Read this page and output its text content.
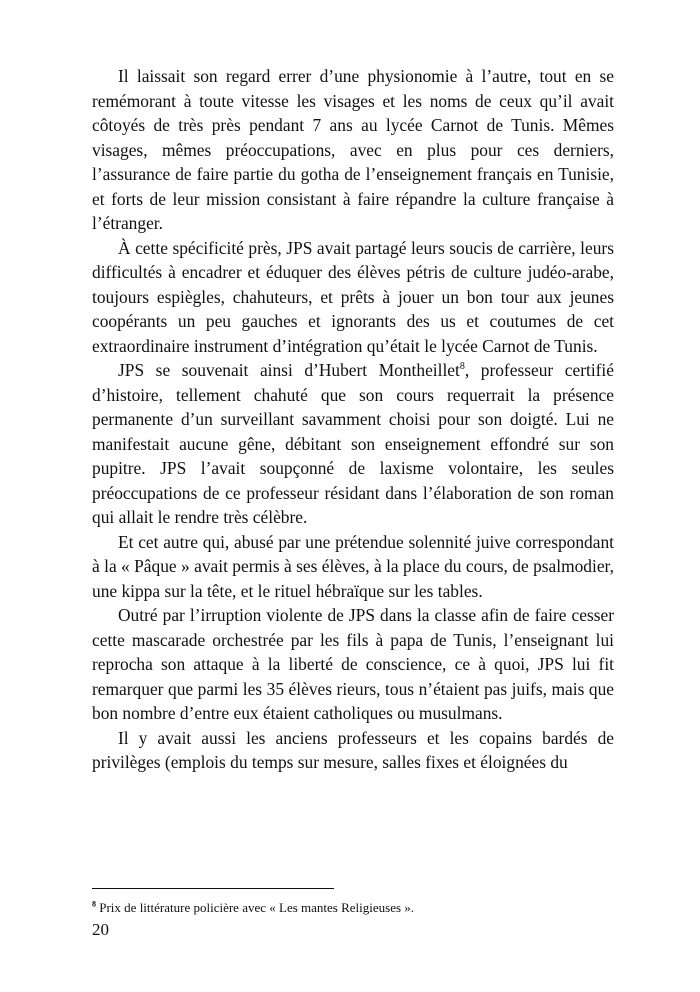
Il laissait son regard errer d’une physionomie à l’autre, tout en se remémorant à toute vitesse les visages et les noms de ceux qu’il avait côtoyés de très près pendant 7 ans au lycée Carnot de Tunis. Mêmes visages, mêmes préoccupations, avec en plus pour ces derniers, l’assurance de faire partie du gotha de l’enseignement français en Tunisie, et forts de leur mission consistant à faire répandre la culture française à l’étranger.

À cette spécificité près, JPS avait partagé leurs soucis de carrière, leurs difficultés à encadrer et éduquer des élèves pétris de culture judéo-arabe, toujours espiègles, chahuteurs, et prêts à jouer un bon tour aux jeunes coopérants un peu gauches et ignorants des us et coutumes de cet extraordinaire instrument d’intégration qu’était le lycée Carnot de Tunis.

JPS se souvenait ainsi d’Hubert Montheillet$^8$, professeur certifié d’histoire, tellement chahuté que son cours requerrait la présence permanente d’un surveillant savamment choisi pour son doigté. Lui ne manifestait aucune gêne, débitant son enseignement effondré sur son pupitre. JPS l’avait soupçonné de laxisme volontaire, les seules préoccupations de ce professeur résidant dans l’élaboration de son roman qui allait le rendre très célèbre.

Et cet autre qui, abusé par une prétendue solennité juive correspondant à la « Pâque » avait permis à ses élèves, à la place du cours, de psalmodier, une kippa sur la tête, et le rituel hébraïque sur les tables.

Outré par l’irruption violente de JPS dans la classe afin de faire cesser cette mascarade orchestrée par les fils à papa de Tunis, l’enseignant lui reprocha son attaque à la liberté de conscience, ce à quoi, JPS lui fit remarquer que parmi les 35 élèves rieurs, tous n’étaient pas juifs, mais que bon nombre d’entre eux étaient catholiques ou musulmans.

Il y avait aussi les anciens professeurs et les copains bardés de privilèges (emplois du temps sur mesure, salles fixes et éloignées du

$^8$ Prix de littérature policière avec « Les mantes Religieuses ».
20
